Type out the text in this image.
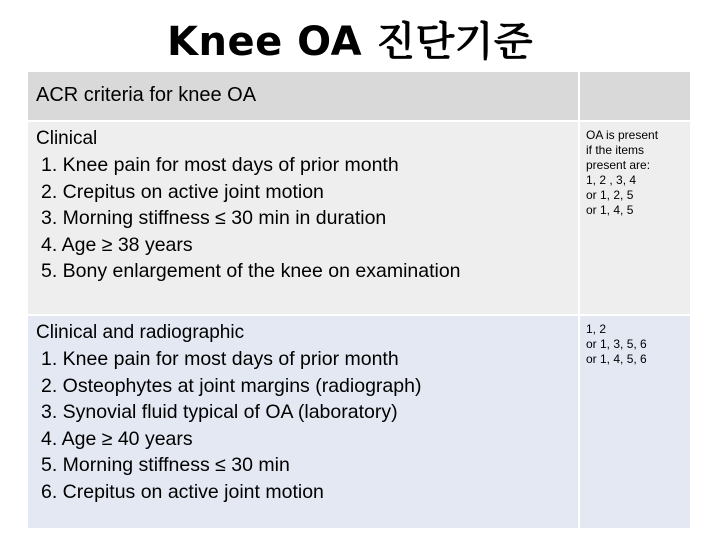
Knee OA 진단기준
ACR criteria for knee OA
Clinical
1. Knee pain for most days of prior month
2. Crepitus on active joint motion
3. Morning stiffness ≤ 30 min in duration
4. Age ≥ 38 years
5. Bony enlargement of the knee on examination
OA is present
if the items
present are:
1, 2 , 3, 4
or 1, 2, 5
or 1, 4, 5
Clinical and radiographic
1. Knee pain for most days of prior month
2. Osteophytes at joint margins (radiograph)
3. Synovial fluid typical of OA (laboratory)
4. Age ≥ 40 years
5. Morning stiffness ≤ 30 min
6. Crepitus on active joint motion
1, 2
or 1, 3, 5, 6
or 1, 4, 5, 6
